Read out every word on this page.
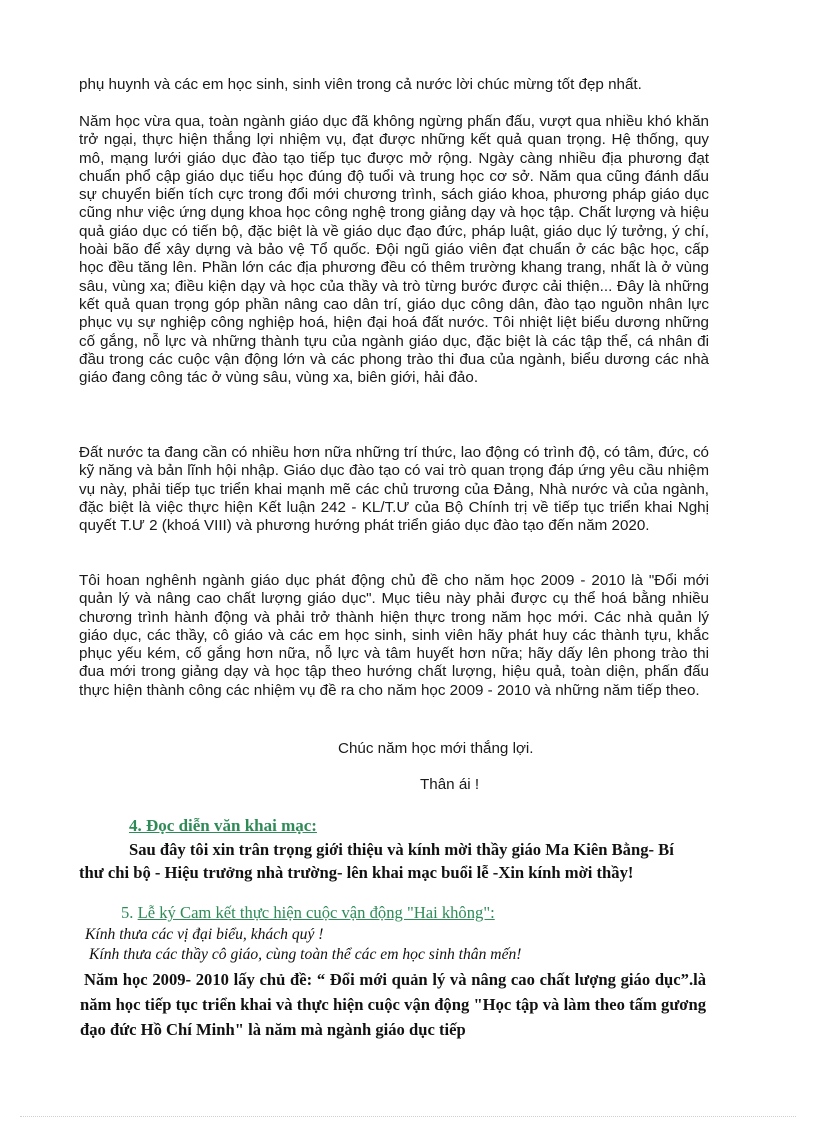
phụ huynh và các em học sinh, sinh viên trong cả nước lời chúc mừng tốt đẹp nhất.

Năm học vừa qua, toàn ngành giáo dục đã không ngừng phấn đấu, vượt qua nhiều khó khăn trở ngại, thực hiện thắng lợi nhiệm vụ, đạt được những kết quả quan trọng. Hệ thống, quy mô, mạng lưới giáo dục đào tạo tiếp tục được mở rộng. Ngày càng nhiều địa phương đạt chuẩn phổ cập giáo dục tiểu học đúng độ tuổi và trung học cơ sở. Năm qua cũng đánh dấu sự chuyển biến tích cực trong đổi mới chương trình, sách giáo khoa, phương pháp giáo dục cũng như việc ứng dụng khoa học công nghệ trong giảng dạy và học tập. Chất lượng và hiệu quả giáo dục có tiến bộ, đặc biệt là về giáo dục đạo đức, pháp luật, giáo dục lý tưởng, ý chí, hoài bão để xây dựng và bảo vệ Tổ quốc. Đội ngũ giáo viên đạt chuẩn ở các bậc học, cấp học đều tăng lên. Phần lớn các địa phương đều có thêm trường khang trang, nhất là ở vùng sâu, vùng xa; điều kiện dạy và học của thầy và trò từng bước được cải thiện... Đây là những kết quả quan trọng góp phần nâng cao dân trí, giáo dục công dân, đào tạo nguồn nhân lực phục vụ sự nghiệp công nghiệp hoá, hiện đại hoá đất nước. Tôi nhiệt liệt biểu dương những cố gắng, nỗ lực và những thành tựu của ngành giáo dục, đặc biệt là các tập thể, cá nhân đi đầu trong các cuộc vận động lớn và các phong trào thi đua của ngành, biểu dương các nhà giáo đang công tác ở vùng sâu, vùng xa, biên giới, hải đảo.

Đất nước ta đang cần có nhiều hơn nữa những trí thức, lao động có trình độ, có tâm, đức, có kỹ năng và bản lĩnh hội nhập. Giáo dục đào tạo có vai trò quan trọng đáp ứng yêu cầu nhiệm vụ này, phải tiếp tục triển khai mạnh mẽ các chủ trương của Đảng, Nhà nước và của ngành, đặc biệt là việc thực hiện Kết luận 242 - KL/T.Ư của Bộ Chính trị về tiếp tục triển khai Nghị quyết T.Ư 2 (khoá VIII) và phương hướng phát triển giáo dục đào tạo đến năm 2020.

Tôi hoan nghênh ngành giáo dục phát động chủ đề cho năm học 2009 - 2010 là "Đổi mới quản lý và nâng cao chất lượng giáo dục". Mục tiêu này phải được cụ thể hoá bằng nhiều chương trình hành động và phải trở thành hiện thực trong năm học mới. Các nhà quản lý giáo dục, các thầy, cô giáo và các em học sinh, sinh viên hãy phát huy các thành tựu, khắc phục yếu kém, cố gắng hơn nữa, nỗ lực và tâm huyết hơn nữa; hãy dấy lên phong trào thi đua mới trong giảng dạy và học tập theo hướng chất lượng, hiệu quả, toàn diện, phấn đấu thực hiện thành công các nhiệm vụ đề ra cho năm học 2009 - 2010 và những năm tiếp theo.

Chúc năm học mới thắng lợi.

Thân ái !

4. Đọc diễn văn khai mạc:

Sau đây tôi xin trân trọng giới thiệu và kính mời thầy giáo Ma Kiên Bằng- Bí thư chi bộ - Hiệu trưởng nhà trường- lên khai mạc buổi lễ -Xin kính mời thầy!

5. Lễ ký Cam kết thực hiện cuộc vận động "Hai không":

Kính thưa các vị đại biểu, khách quý !

Kính thưa các thầy cô giáo, cùng toàn thể các em học sinh thân mến!

Năm học 2009- 2010 lấy chủ đề: “ Đổi mới quản lý và nâng cao chất lượng giáo dục”.là năm học tiếp tục triển khai và thực hiện cuộc vận động "Học tập và làm theo tấm gương đạo đức Hồ Chí Minh" là năm mà ngành giáo dục tiếp
